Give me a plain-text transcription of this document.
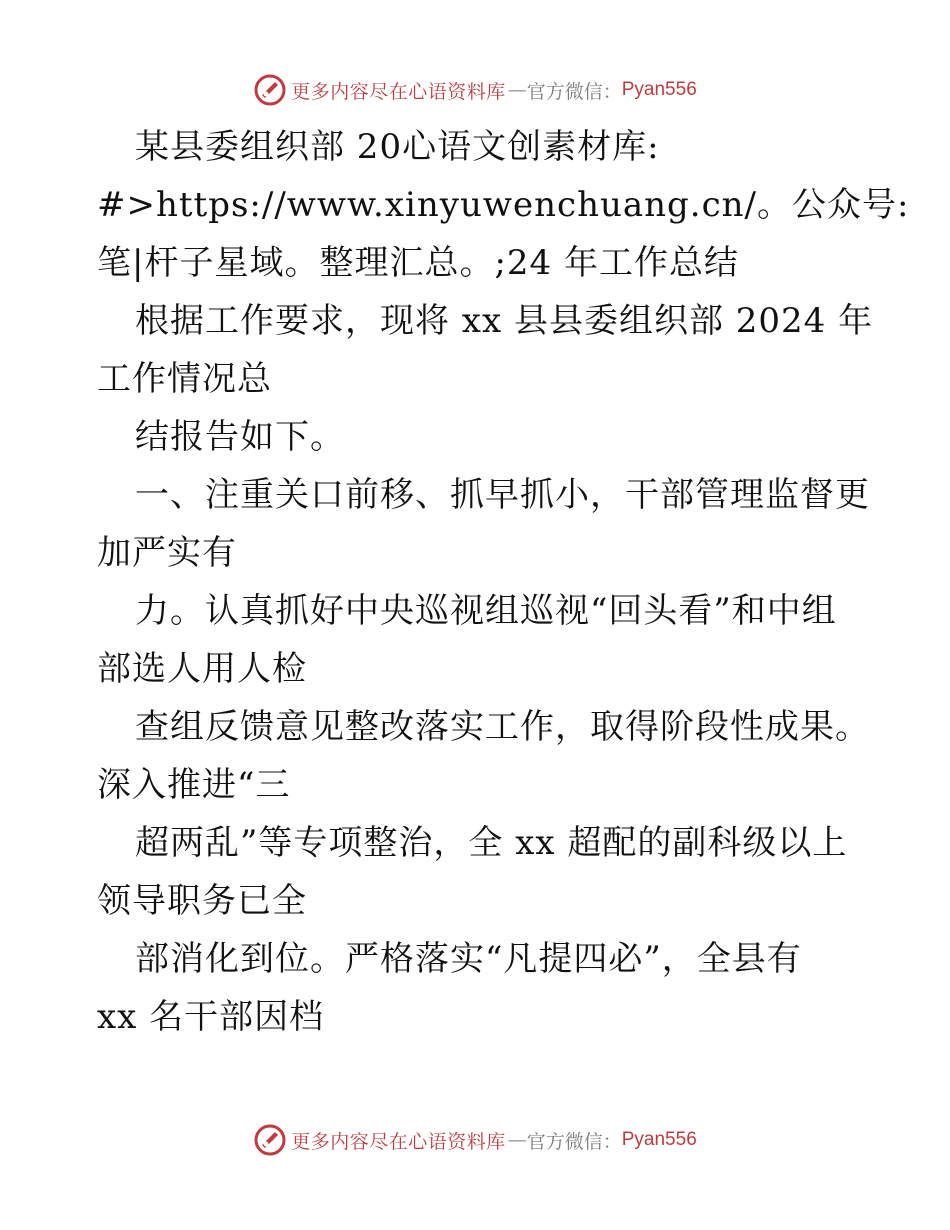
更多内容尽在心语资料库 — 官方微信： Pyan556
某县委组织部 20心语文创素材库:
#>https://www.xinyuwenchuang.cn/。公众号:
笔|杆子星域。整理汇总。;24 年工作总结
根据工作要求，现将 xx 县县委组织部 2024 年
工作情况总
结报告如下。
一、注重关口前移、抓早抓小，干部管理监督更
加严实有
力。认真抓好中央巡视组巡视“回头看”和中组
部选人用人检
查组反馈意见整改落实工作，取得阶段性成果。
深入推进“三
超两乱”等专项整治，全 xx 超配的副科级以上
领导职务已全
部消化到位。严格落实“凡提四必”，全县有
xx 名干部因档
更多内容尽在心语资料库 — 官方微信： Pyan556
